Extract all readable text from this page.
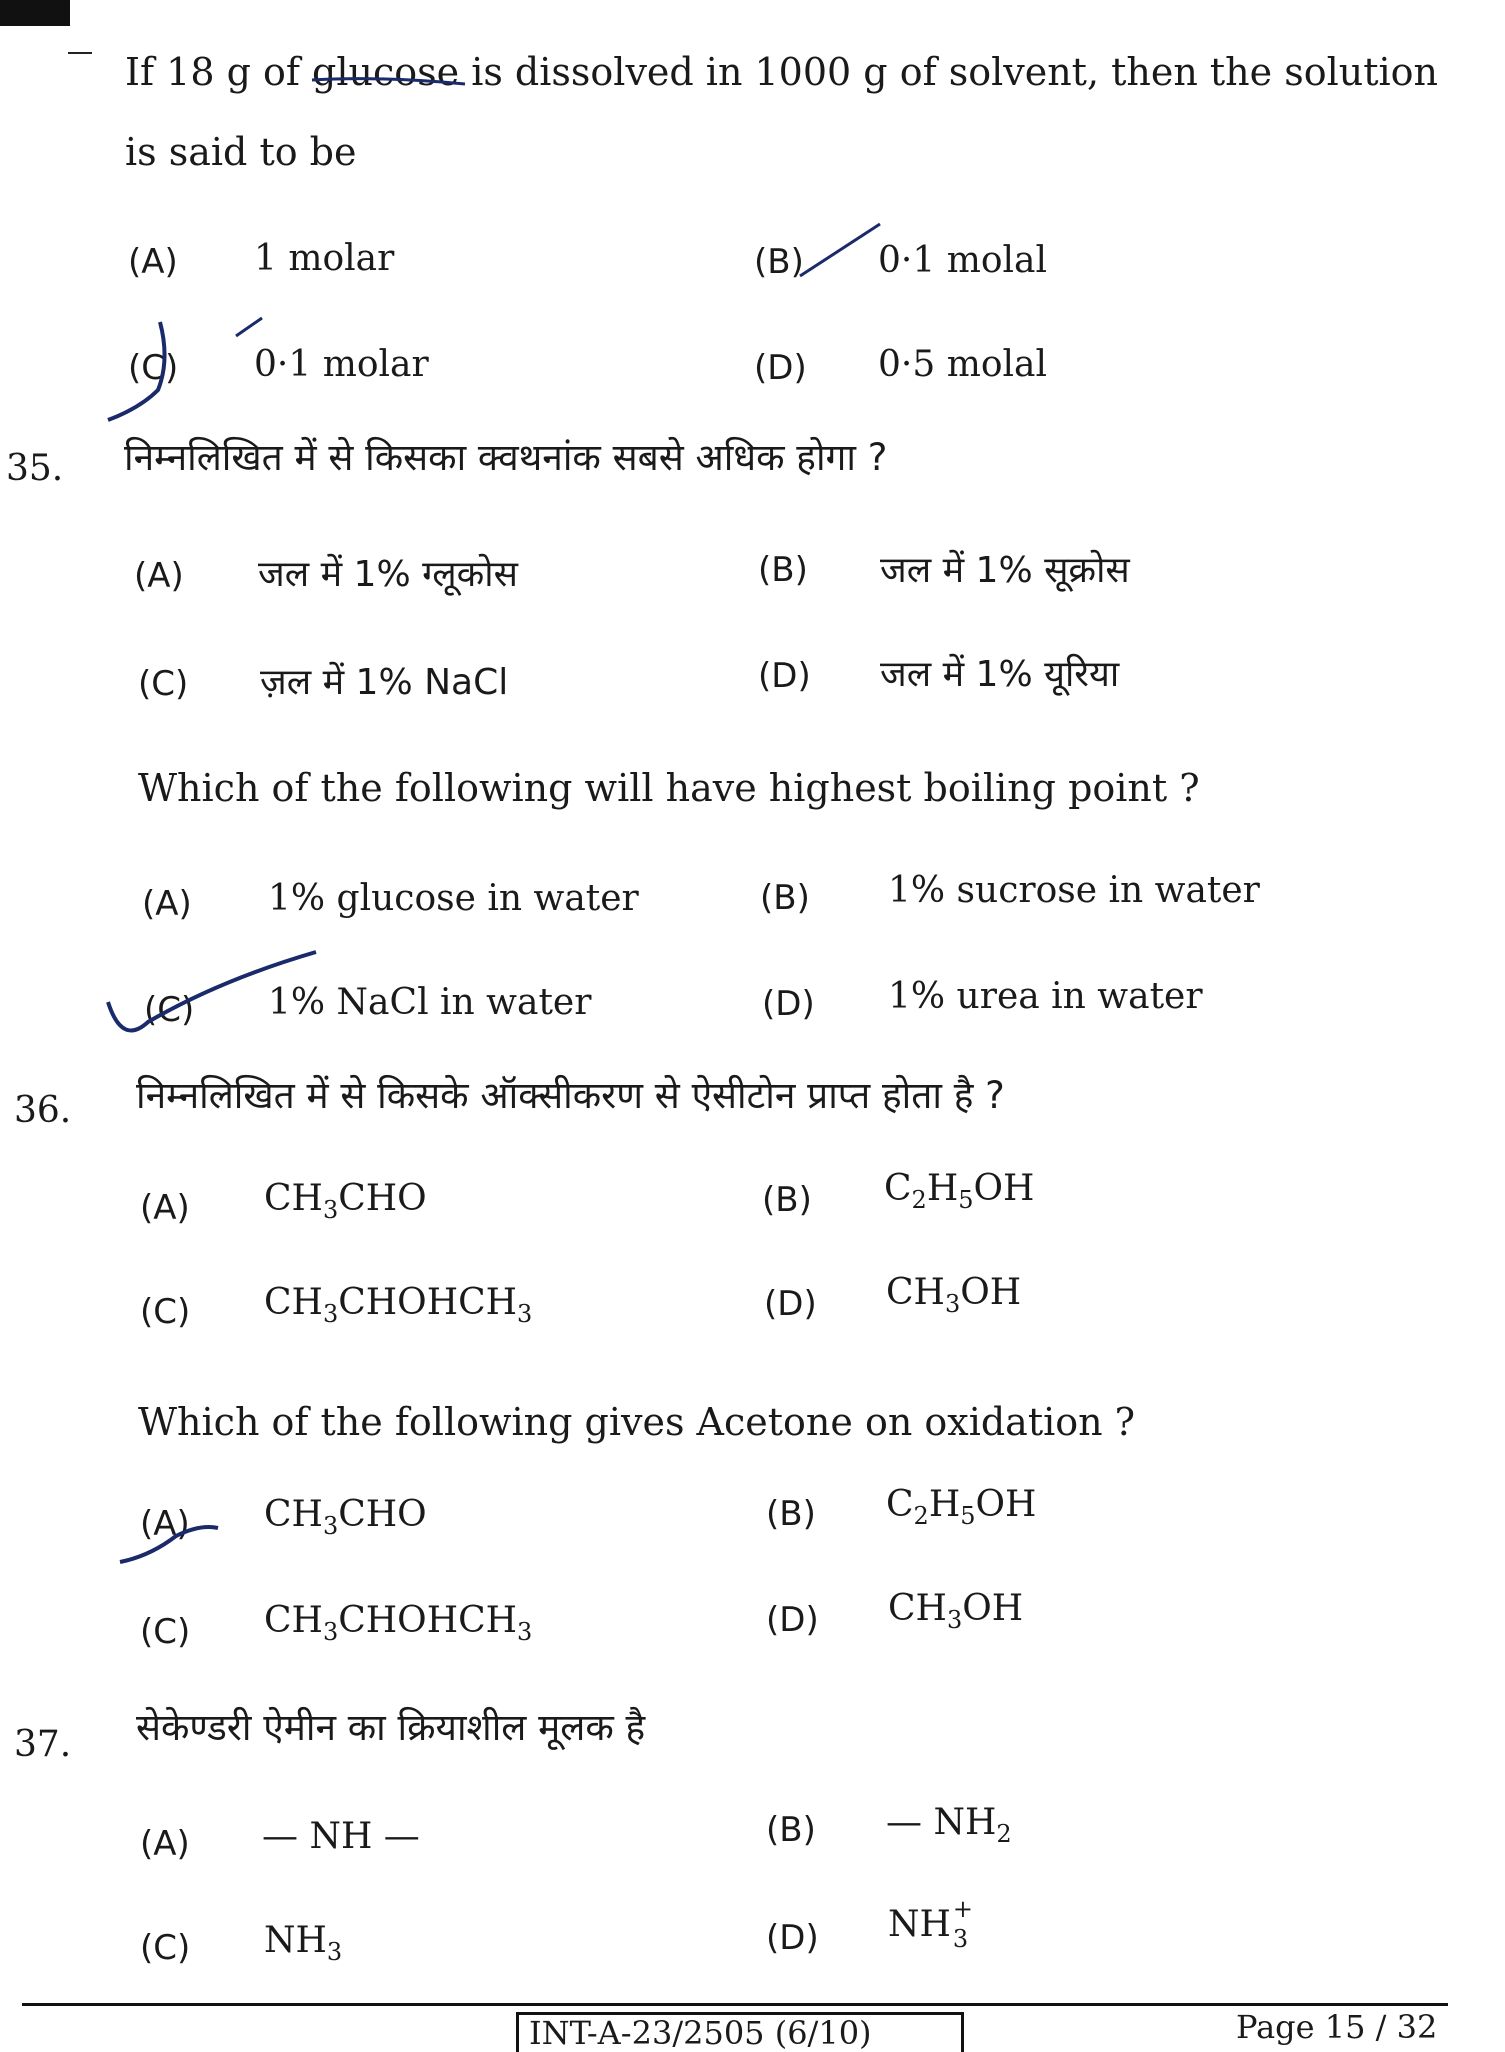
If 18 g of glucose is dissolved in 1000 g of solvent, then the solution
is said to be
(A) 1 molar	(B) 0·1 molal
(C) 0·1 molar	(D) 0·5 molal
35. निम्नलिखित में से किसका क्वथनांक सबसे अधिक होगा ?
(A) जल में 1% ग्लूकोस	(B) जल में 1% सूक्रोस
(C) ज़ल में 1% NaCl	(D) जल में 1% यूरिया
Which of the following will have highest boiling point ?
(A) 1% glucose in water	(B) 1% sucrose in water
(C) 1% NaCl in water	(D) 1% urea in water
36. निम्नलिखित में से किसके ऑक्सीकरण से ऐसीटोन प्राप्त होता है ?
(A) $CH_3CHO$	(B) $C_2H_5OH$
(C) $CH_3CHOHCH_3$	(D) $CH_3OH$
Which of the following gives Acetone on oxidation ?
(A) $CH_3CHO$	(B) $C_2H_5OH$
(C) $CH_3CHOHCH_3$	(D) $CH_3OH$
37. सेकेण्डरी ऐमीन का क्रियाशील मूलक है
(A) — NH —	(B) — $NH_2$
(C) $NH_3$	(D) NH +
3
INT-A-23/2505 (6/10)	Page 15 / 32
